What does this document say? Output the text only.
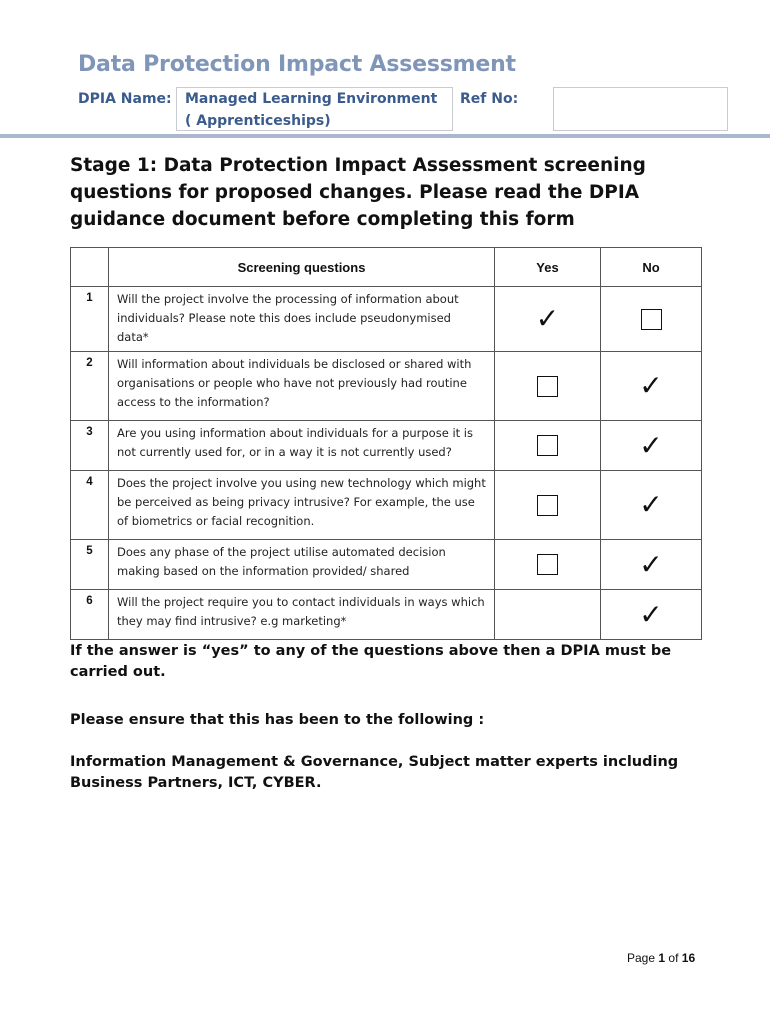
Data Protection Impact Assessment
DPIA Name: Managed Learning Environment
( Apprenticeships)
Ref No:
Stage 1: Data Protection Impact Assessment screening questions for proposed changes. Please read the DPIA guidance document before completing this form
	Screening questions	Yes	No
1	Will the project involve the processing of information about individuals? Please note this does include pseudonymised data*	✓	
2	Will information about individuals be disclosed or shared with organisations or people who have not previously had routine access to the information?		✓
3	Are you using information about individuals for a purpose it is not currently used for, or in a way it is not currently used?		✓
4	Does the project involve you using new technology which might be perceived as being privacy intrusive? For example, the use of biometrics or facial recognition.		✓
5	Does any phase of the project utilise automated decision making based on the information provided/ shared		✓
6	Will the project require you to contact individuals in ways which they may find intrusive? e.g marketing*		✓
If the answer is “yes” to any of the questions above then a DPIA must be carried out.
Please ensure that this has been to the following :
Information Management & Governance, Subject matter experts including Business Partners, ICT, CYBER.
Page 1 of 16
